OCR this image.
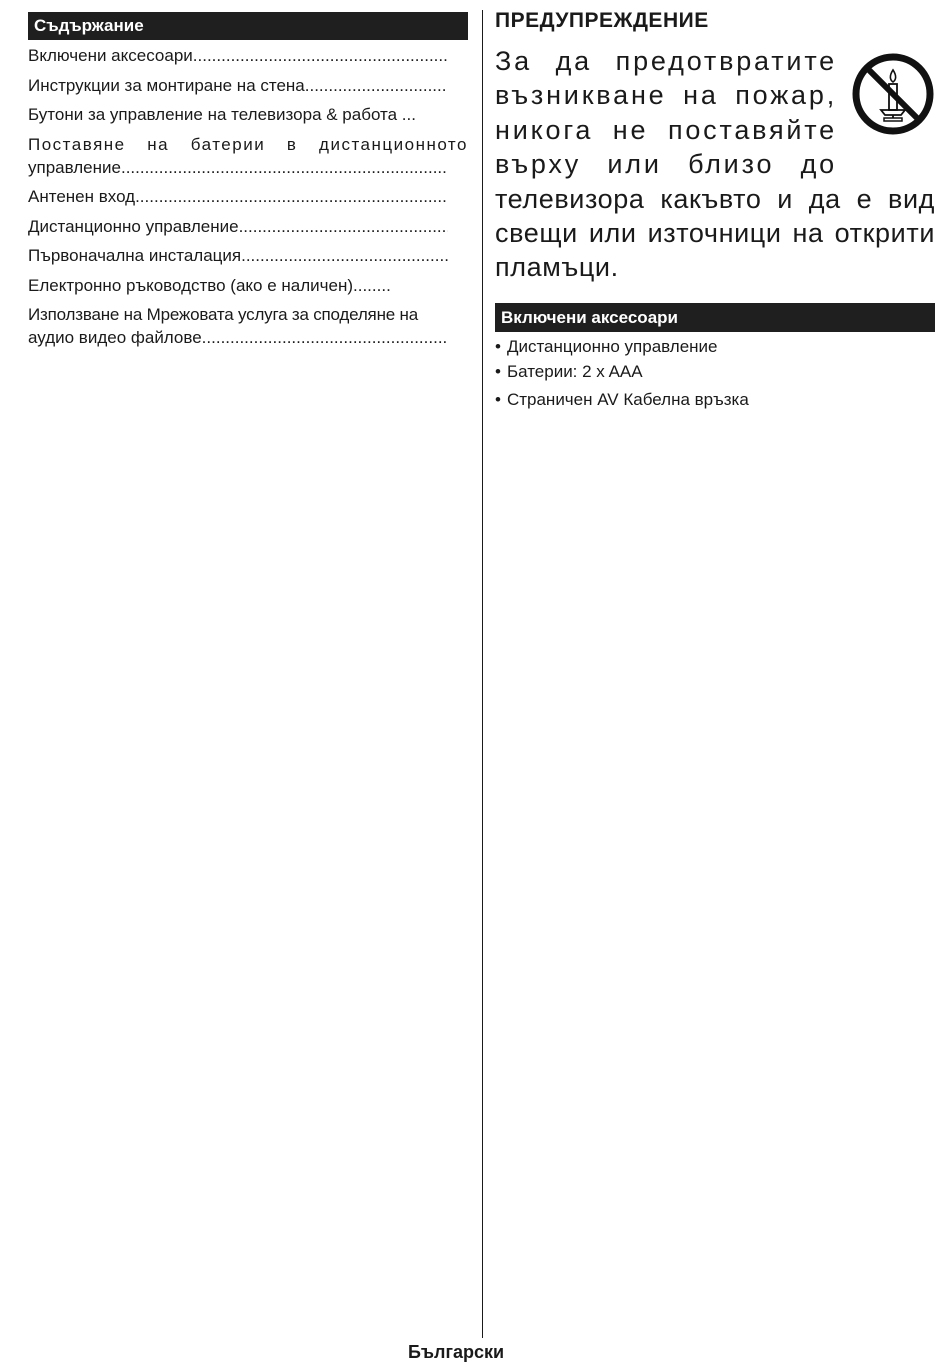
Съдържание
Включени аксесоари .....
Инструкции за монтиране на стена .....
Бутони за управление на телевизора & работа ...
Поставяне на батерии в дистанционното
управление .....
Антенен вход .....
Дистанционно управление .....
Първоначална инсталация .....
Електронно ръководство (ако е наличен)........
Използване на Мрежовата услуга за споделяне на
аудио видео файлове .....
ПРЕДУПРЕЖДЕНИЕ
За да предотвратите
възникване на пожар,
никога не поставяйте
върху или близо до
телевизора какъвто и да е вид
свещи или източници на открити
пламъци.
Включени аксесоари
• Дистанционно управление
• Батерии: 2 x AAA
• Страничен AV Кабелна връзка
Български
